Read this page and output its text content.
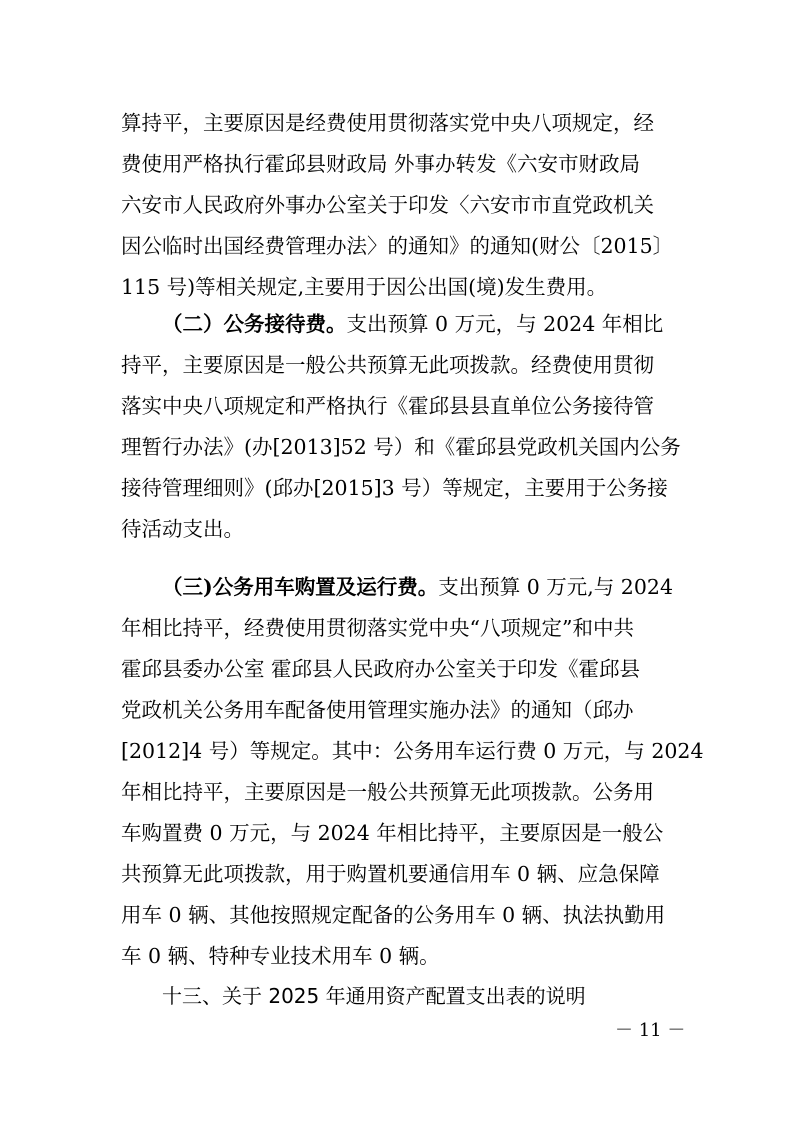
算持平，主要原因是经费使用贯彻落实党中央八项规定，经
费使用严格执行霍邱县财政局 外事办转发《六安市财政局
六安市人民政府外事办公室关于印发〈六安市市直党政机关
因公临时出国经费管理办法〉的通知》的通知(财公〔2015〕
115 号)等相关规定,主要用于因公出国(境)发生费用。
（二）公务接待费。支出预算 0 万元，与 2024 年相比
持平，主要原因是一般公共预算无此项拨款。经费使用贯彻
落实中央八项规定和严格执行《霍邱县县直单位公务接待管
理暂行办法》(办[2013]52 号）和《霍邱县党政机关国内公务
接待管理细则》(邱办[2015]3 号）等规定，主要用于公务接
待活动支出。
（三)公务用车购置及运行费。支出预算 0 万元,与 2024
年相比持平，经费使用贯彻落实党中央“八项规定”和中共
霍邱县委办公室 霍邱县人民政府办公室关于印发《霍邱县
党政机关公务用车配备使用管理实施办法》的通知（邱办
[2012]4 号）等规定。其中：公务用车运行费 0 万元，与 2024
年相比持平，主要原因是一般公共预算无此项拨款。公务用
车购置费 0 万元，与 2024 年相比持平，主要原因是一般公
共预算无此项拨款，用于购置机要通信用车 0 辆、应急保障
用车 0 辆、其他按照规定配备的公务用车 0 辆、执法执勤用
车 0 辆、特种专业技术用车 0 辆。
十三、关于 2025 年通用资产配置支出表的说明
－ 11 －
